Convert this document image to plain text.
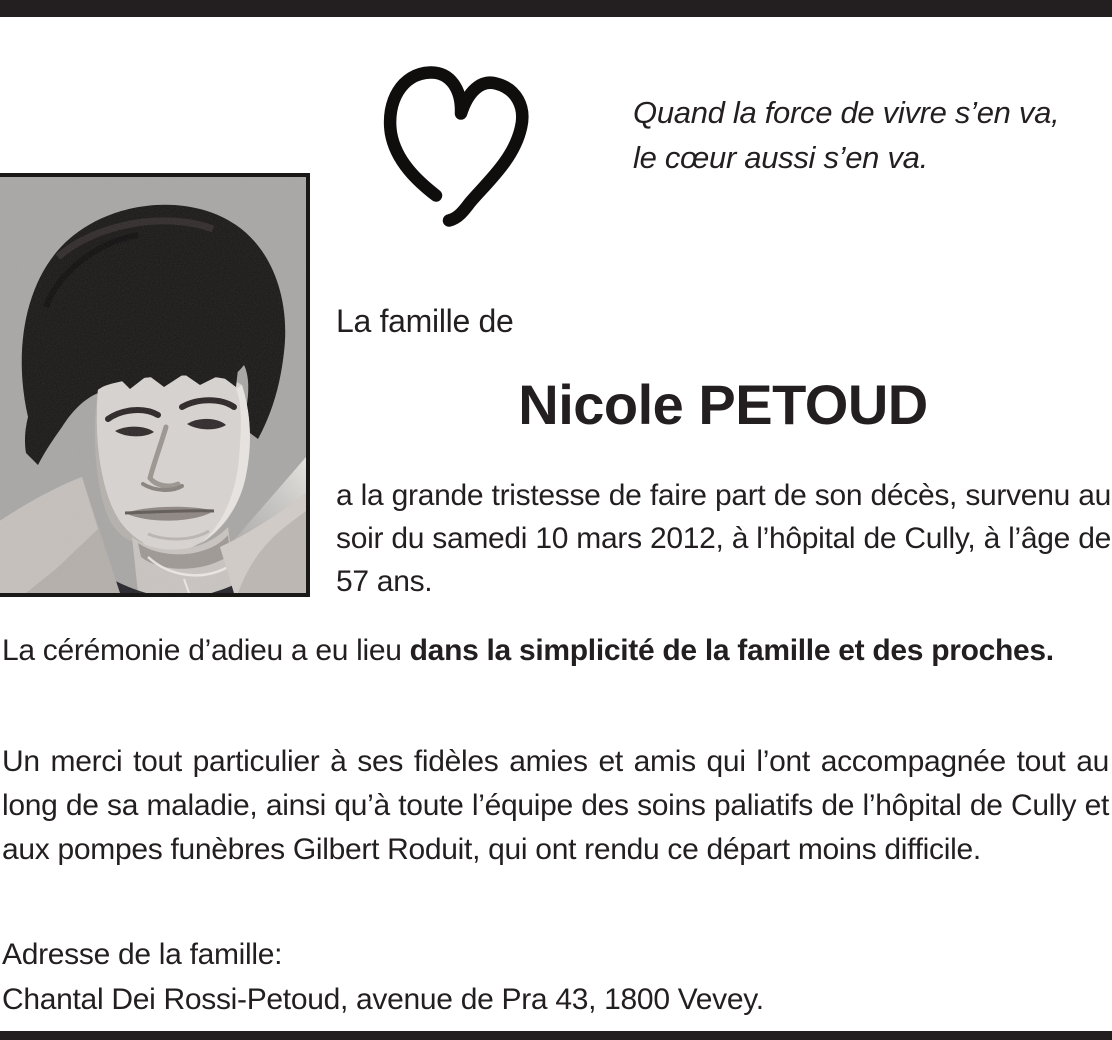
Quand la force de vivre s’en va,
le cœur aussi s’en va.
La famille de
Nicole PETOUD

a la grande tristesse de faire part de son décès, survenu au soir du samedi 10 mars 2012, à l’hôpital de Cully, à l’âge de 57 ans.

La cérémonie d’adieu a eu lieu dans la simplicité de la famille et des proches.

Un merci tout particulier à ses fidèles amies et amis qui l’ont accompagnée tout au long de sa maladie, ainsi qu’à toute l’équipe des soins paliatifs de l’hôpital de Cully et aux pompes funèbres Gilbert Roduit, qui ont rendu ce départ moins difficile.

Adresse de la famille:
Chantal Dei Rossi-Petoud, avenue de Pra 43, 1800 Vevey.
